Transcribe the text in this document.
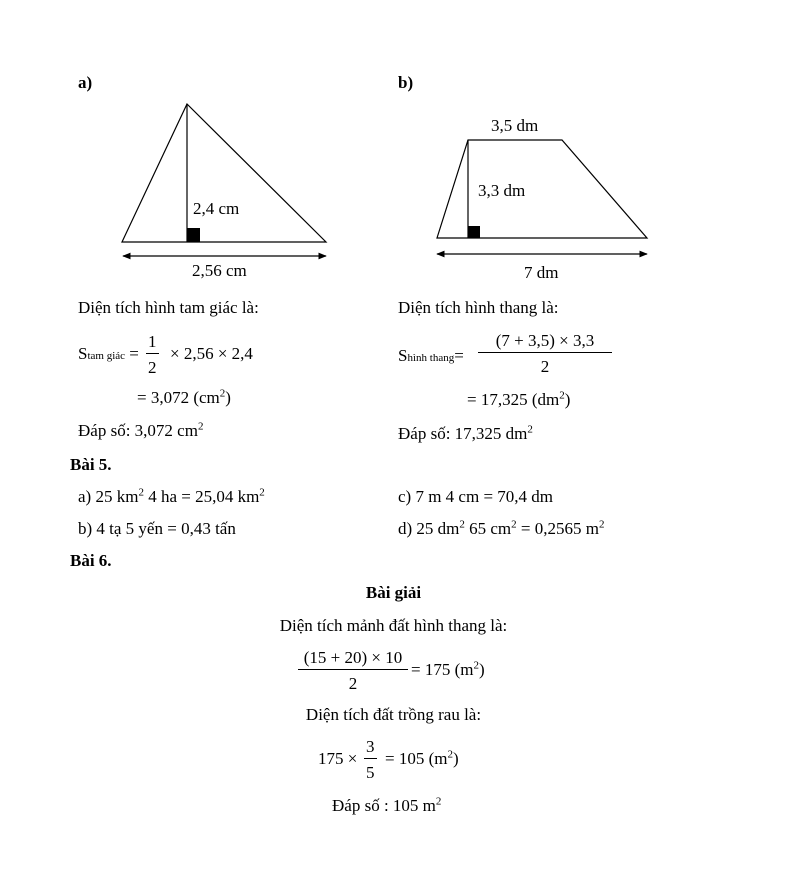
a)
2,4 cm
2,56 cm
Diện tích hình tam giác là:
Stam giác = $\frac{1}{2} \times 2,56 \times 2,4$
= 3,072 $(cm^2)$
Đáp số: 3,072 $cm^2$
b)
3,5 dm
3,3 dm
7 dm
Diện tích hình thang là:
Shình thang= $\frac{(7 + 3,5) \times 3,3}{2}$
= 17,325 $(dm^2)$
Đáp số: 17,325 $dm^2$
Bài 5.
a) 25 $km^2$ 4 ha = 25,04 $km^2$
b) 4 tạ 5 yến = 0,43 tấn
c) 7 m 4 cm = 70,4 dm
d) 25 $dm^2$ 65 $cm^2 = 0,2565$ $m^2$
Bài 6.
Bài giải
Diện tích mảnh đất hình thang là:
$\frac{(15 + 20) \times 10}{2} = 175$ $(m^2)$
Diện tích đất trồng rau là:
$175 \times \frac{3}{5} = 105$ $(m^2)$
Đáp số : 105 $m^2$
